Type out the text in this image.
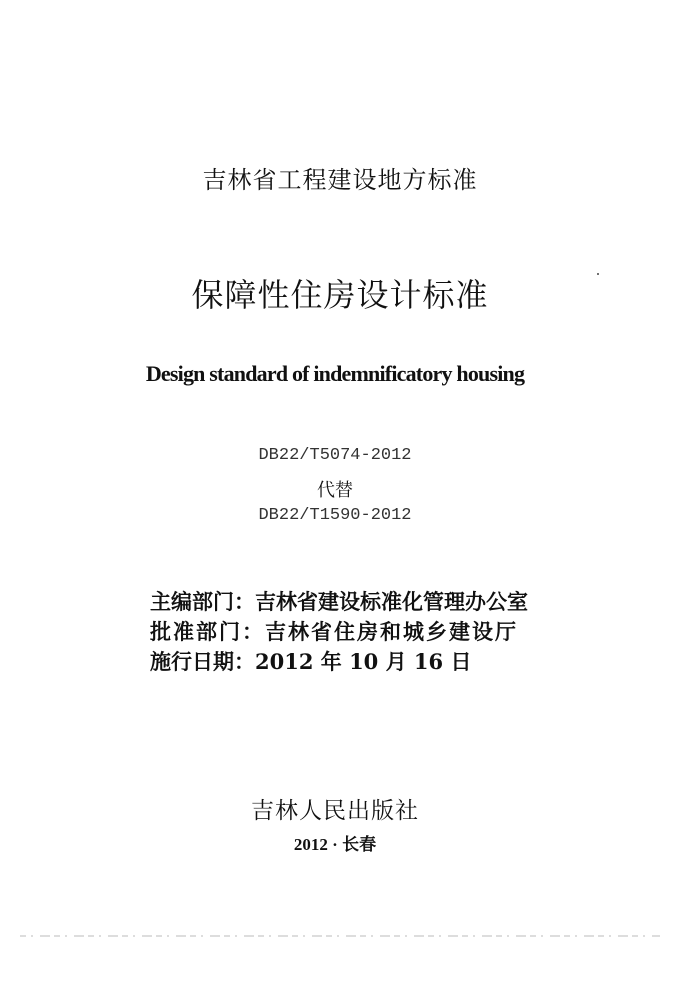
吉林省工程建设地方标准
保障性住房设计标准
Design standard of indemnificatory housing
DB22/T5074-2012
代替
DB22/T1590-2012
主编部门：吉林省建设标准化管理办公室
批准部门：吉林省住房和城乡建设厅
施行日期：2012 年 10 月 16 日
吉林人民出版社
2012 · 长春
